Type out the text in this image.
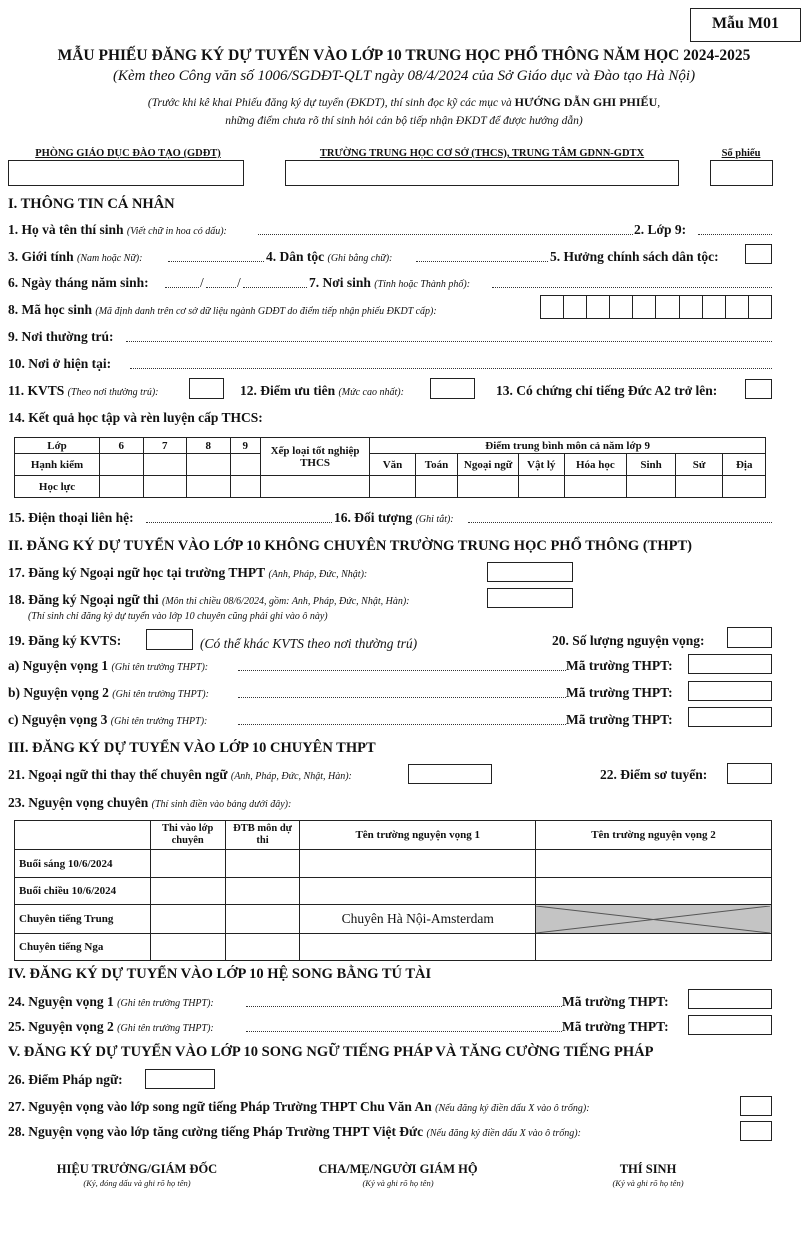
Mẫu M01
MẪU PHIẾU ĐĂNG KÝ DỰ TUYỂN VÀO LỚP 10 TRUNG HỌC PHỔ THÔNG NĂM HỌC 2024-2025
(Kèm theo Công văn số 1006/SGDĐT-QLT ngày 08/4/2024 của Sở Giáo dục và Đào tạo Hà Nội)
(Trước khi kê khai Phiếu đăng ký dự tuyển (ĐKDT), thí sinh đọc kỹ các mục và HƯỚNG DẪN GHI PHIẾU,
những điểm chưa rõ thí sinh hỏi cán bộ tiếp nhận ĐKDT để được hướng dẫn)
PHÒNG GIÁO DỤC ĐÀO TẠO (GDĐT)	TRƯỜNG TRUNG HỌC CƠ SỞ (THCS), TRUNG TÂM GDNN-GDTX	Số phiếu
I. THÔNG TIN CÁ NHÂN
1. Họ và tên thí sinh (Viết chữ in hoa có dấu):	2. Lớp 9:
3. Giới tính (Nam hoặc Nữ):	4. Dân tộc (Ghi bằng chữ):	5. Hưởng chính sách dân tộc:
6. Ngày tháng năm sinh:	/ /	7. Nơi sinh (Tỉnh hoặc Thành phố):
8. Mã học sinh (Mã định danh trên cơ sở dữ liệu ngành GDĐT do điểm tiếp nhận phiếu ĐKDT cấp):
9. Nơi thường trú:
10. Nơi ở hiện tại:
11. KVTS (Theo nơi thường trú):	12. Điểm ưu tiên (Mức cao nhất):	13. Có chứng chỉ tiếng Đức A2 trở lên:
14. Kết quả học tập và rèn luyện cấp THCS:
Lớp	6	7	8	9	Xếp loại tốt nghiệp THCS	Điểm trung bình môn cả năm lớp 9							
Hạnh kiểm						Văn	Toán	Ngoại ngữ	Vật lý	Hóa học	Sinh	Sử	Địa
Học lực													
15. Điện thoại liên hệ:	16. Đối tượng (Ghi tắt):
II. ĐĂNG KÝ DỰ TUYỂN VÀO LỚP 10 KHÔNG CHUYÊN TRƯỜNG TRUNG HỌC PHỔ THÔNG (THPT)
17. Đăng ký Ngoại ngữ học tại trường THPT (Anh, Pháp, Đức, Nhật):
18. Đăng ký Ngoại ngữ thi (Môn thi chiều 08/6/2024, gồm: Anh, Pháp, Đức, Nhật, Hàn):
(Thí sinh chỉ đăng ký dự tuyển vào lớp 10 chuyên cũng phải ghi vào ô này)
19. Đăng ký KVTS:	(Có thể khác KVTS theo nơi thường trú)	20. Số lượng nguyện vọng:
a) Nguyện vọng 1 (Ghi tên trường THPT):	Mã trường THPT:
b) Nguyện vọng 2 (Ghi tên trường THPT):	Mã trường THPT:
c) Nguyện vọng 3 (Ghi tên trường THPT):	Mã trường THPT:
III. ĐĂNG KÝ DỰ TUYỂN VÀO LỚP 10 CHUYÊN THPT
21. Ngoại ngữ thi thay thế chuyên ngữ (Anh, Pháp, Đức, Nhật, Hàn):	22. Điểm sơ tuyển:
23. Nguyện vọng chuyên (Thí sinh điền vào bảng dưới đây):
	Thi vào lớp chuyên	ĐTB môn dự thi	Tên trường nguyện vọng 1	Tên trường nguyện vọng 2
Buổi sáng 10/6/2024				
Buổi chiều 10/6/2024				
Chuyên tiếng Trung			Chuyên Hà Nội-Amsterdam	

Chuyên tiếng Nga				
IV. ĐĂNG KÝ DỰ TUYỂN VÀO LỚP 10 HỆ SONG BẰNG TÚ TÀI
24. Nguyện vọng 1 (Ghi tên trường THPT):	Mã trường THPT:
25. Nguyện vọng 2 (Ghi tên trường THPT):	Mã trường THPT:
V. ĐĂNG KÝ DỰ TUYỂN VÀO LỚP 10 SONG NGỮ TIẾNG PHÁP VÀ TĂNG CƯỜNG TIẾNG PHÁP
26. Điểm Pháp ngữ:
27. Nguyện vọng vào lớp song ngữ tiếng Pháp Trường THPT Chu Văn An (Nếu đăng ký điền dấu X vào ô trống):
28. Nguyện vọng vào lớp tăng cường tiếng Pháp Trường THPT Việt Đức (Nếu đăng ký điền dấu X vào ô trống):
HIỆU TRƯỞNG/GIÁM ĐỐC
(Ký, đóng dấu và ghi rõ họ tên)
CHA/MẸ/NGƯỜI GIÁM HỘ
(Ký và ghi rõ họ tên)
THÍ SINH
(Ký và ghi rõ họ tên)
